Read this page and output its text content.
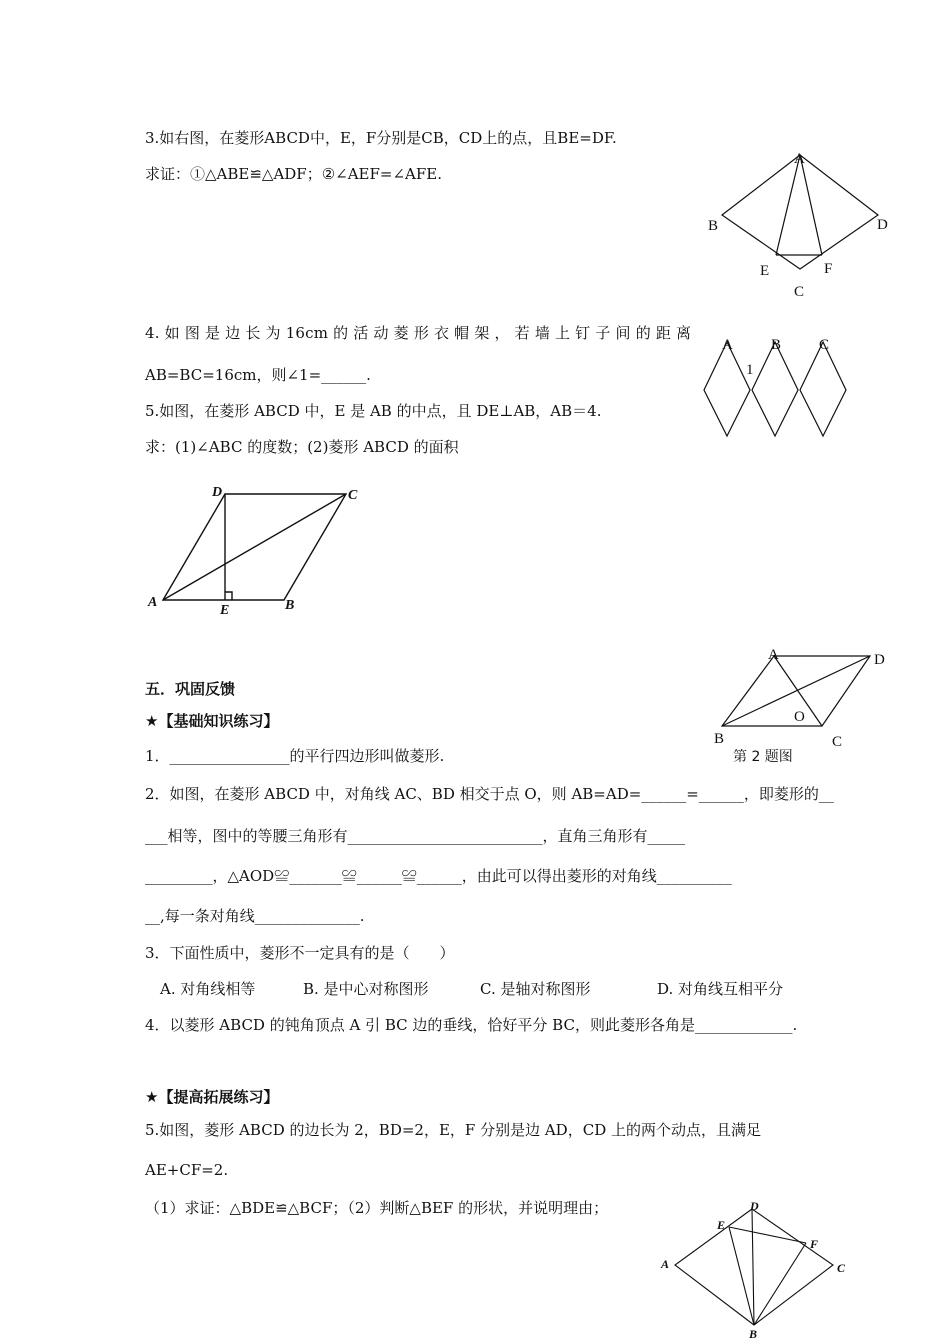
3.如右图，在菱形ABCD中，E，F分别是CB，CD上的点，且BE=DF.
求证：①△ABE≌△ADF；②∠AEF=∠AFE.
A
B	D
E	F
C
4. 如 图 是 边 长 为 16cm 的 活 动 菱 形 衣 帽 架 ， 若 墙 上 钉 子 间 的 距 离
AB=BC=16cm，则∠1=______.
A	B	C
1
5.如图，在菱形 ABCD 中，E 是 AB 的中点，且 DE⊥AB，AB＝4.
求：(1)∠ABC 的度数；(2)菱形 ABCD 的面积
D	C
A
E	B
A	D
O
B	C
第 2 题图
五．巩固反馈
★【基础知识练习】
1．________________的平行四边形叫做菱形.
2．如图，在菱形 ABCD 中，对角线 AC、BD 相交于点 O，则 AB=AD=______=______，即菱形的__
___相等，图中的等腰三角形有__________________________，直角三角形有_____
_________，△AOD≌_______≌______≌______，由此可以得出菱形的对角线__________
__,每一条对角线______________.
3．下面性质中，菱形不一定具有的是（　　）
A. 对角线相等	B. 是中心对称图形	C. 是轴对称图形	D. 对角线互相平分
4．以菱形 ABCD 的钝角顶点 A 引 BC 边的垂线，恰好平分 BC，则此菱形各角是_____________.
★【提高拓展练习】
5.如图，菱形 ABCD 的边长为 2，BD=2，E，F 分别是边 AD，CD 上的两个动点，且满足
AE+CF=2.
（1）求证：△BDE≌△BCF；（2）判断△BEF 的形状，并说明理由；	D
E
F
A	C
B
